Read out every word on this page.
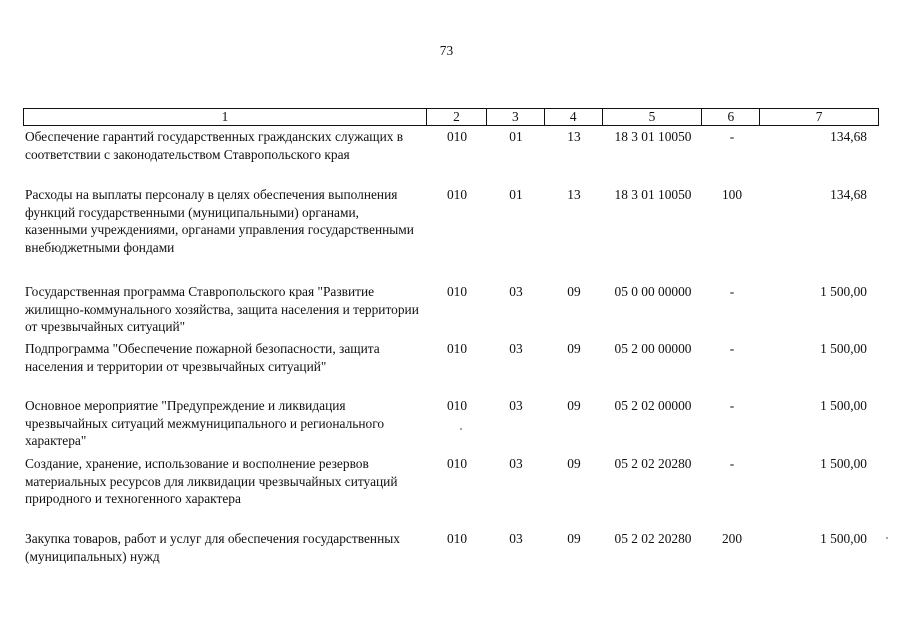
73
1	2	3	4	5	6	7
Обеспечение гарантий государственных гражданских служащих в соответствии с законодательством Ставропольского края
010	01	13	18 3 01 10050	-	134,68
Расходы на выплаты персоналу в целях обеспечения выполнения функций государственными (муниципальными) органами, казенными учреждениями, органами управления государственными внебюджетными фондами
010	01	13	18 3 01 10050	100	134,68
Государственная программа Ставропольского края "Развитие жилищно-коммунального хозяйства, защита населения и территории от чрезвычайных ситуаций"
010	03	09	05 0 00 00000	-	1 500,00
Подпрограмма "Обеспечение пожарной безопасности, защита населения и территории от чрезвычайных ситуаций"
010	03	09	05 2 00 00000	-	1 500,00
Основное мероприятие "Предупреждение и ликвидация чрезвычайных ситуаций межмуниципального и регионального характера"
010	03	09	05 2 02 00000	-	1 500,00
Создание, хранение, использование и восполнение резервов материальных ресурсов для ликвидации чрезвычайных ситуаций природного и техногенного характера
010	03	09	05 2 02 20280	-	1 500,00
Закупка товаров, работ и услуг для обеспечения государственных (муниципальных) нужд
010	03	09	05 2 02 20280	200	1 500,00
